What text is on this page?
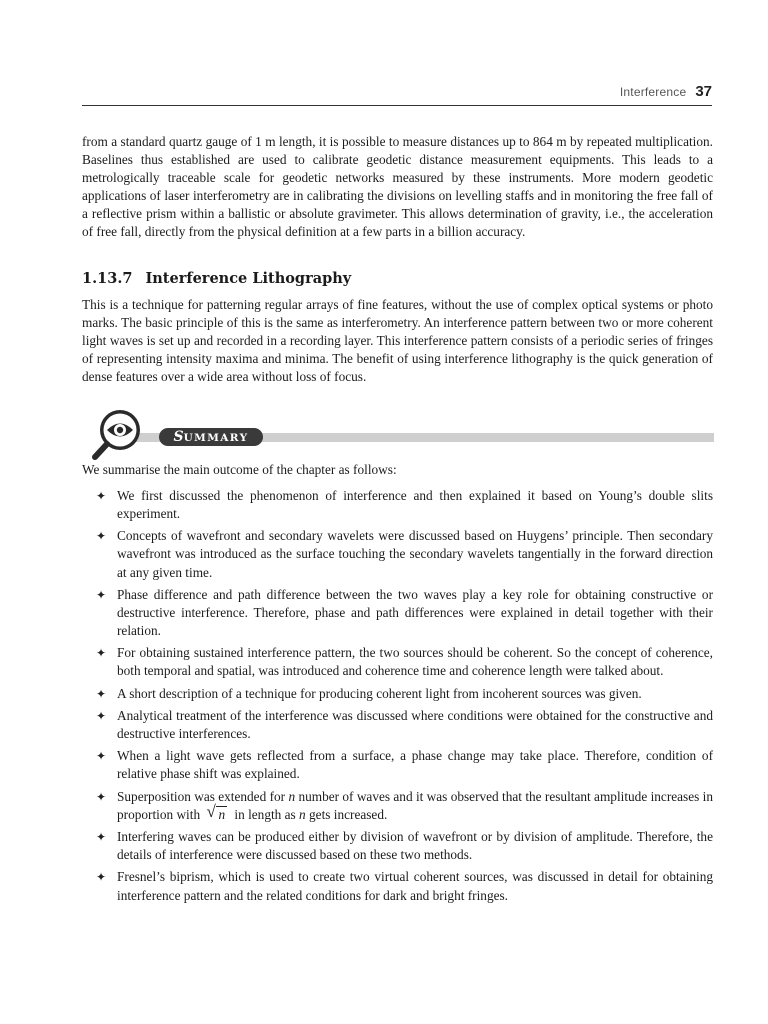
Interference 37

from a standard quartz gauge of 1 m length, it is possible to measure distances up to 864 m by repeated multiplication. Baselines thus established are used to calibrate geodetic distance measurement equipments. This leads to a metrologically traceable scale for geodetic networks measured by these instruments. More modern geodetic applications of laser interferometry are in calibrating the divisions on levelling staffs and in monitoring the free fall of a reflective prism within a ballistic or absolute gravimeter. This allows determination of gravity, i.e., the acceleration of free fall, directly from the physical definition at a few parts in a billion accuracy.

1.13.7 Interference Lithography

This is a technique for patterning regular arrays of fine features, without the use of complex optical systems or photo marks. The basic principle of this is the same as interferometry. An interference pattern between two or more coherent light waves is set up and recorded in a recording layer. This interference pattern consists of a periodic series of fringes of representing intensity maxima and minima. The benefit of using interference lithography is the quick generation of dense features over a wide area without loss of focus.

SUMMARY

We summarise the main outcome of the chapter as follows:

✦ We first discussed the phenomenon of interference and then explained it based on Young’s double slits experiment.
✦ Concepts of wavefront and secondary wavelets were discussed based on Huygens’ principle. Then secondary wavefront was introduced as the surface touching the secondary wavelets tangentially in the forward direction at any given time.
✦ Phase difference and path difference between the two waves play a key role for obtaining constructive or destructive interference. Therefore, phase and path differences were explained in detail together with their relation.
✦ For obtaining sustained interference pattern, the two sources should be coherent. So the concept of coherence, both temporal and spatial, was introduced and coherence time and coherence length were talked about.
✦ A short description of a technique for producing coherent light from incoherent sources was given.
✦ Analytical treatment of the interference was discussed where conditions were obtained for the constructive and destructive interferences.
✦ When a light wave gets reflected from a surface, a phase change may take place. Therefore, condition of relative phase shift was explained.
✦ Superposition was extended for n number of waves and it was observed that the resultant amplitude increases in proportion with √ n in length as n gets increased.
✦ Interfering waves can be produced either by division of wavefront or by division of amplitude. Therefore, the details of interference were discussed based on these two methods.
✦ Fresnel’s biprism, which is used to create two virtual coherent sources, was discussed in detail for obtaining interference pattern and the related conditions for dark and bright fringes.
